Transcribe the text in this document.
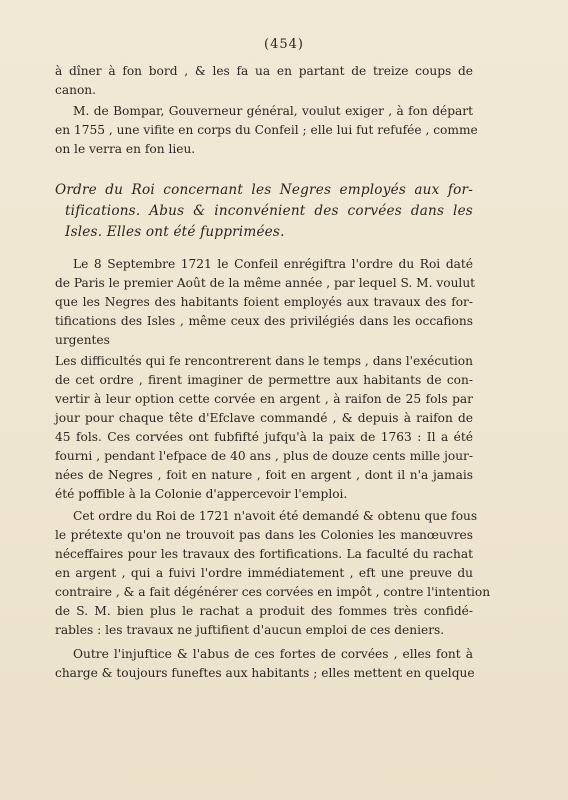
(454)
à dîner à fon bord , & les fa ua en partant de treize coups de
canon.
M. de Bompar, Gouverneur général, voulut exiger , à fon départ
en 1755 , une vifite en corps du Confeil ; elle lui fut refufée , comme
on le verra en fon lieu.
Ordre du Roi concernant les Negres employés aux for-
tifications. Abus & inconvénient des corvées dans les
Isles. Elles ont été fupprimées.
Le 8 Septembre 1721 le Confeil enrégiftra l'ordre du Roi daté
de Paris le premier Août de la même année , par lequel S. M. voulut
que les Negres des habitants foient employés aux travaux des for-
tifications des Isles , même ceux des privilégiés dans les occafions
urgentes
Les difficultés qui fe rencontrerent dans le temps , dans l'exécution
de cet ordre , firent imaginer de permettre aux habitants de con-
vertir à leur option cette corvée en argent , à raifon de 25 fols par
jour pour chaque tête d'Efclave commandé , & depuis à raifon de
45 fols. Ces corvées ont fubfifté jufqu'à la paix de 1763 : Il a été
fourni , pendant l'efpace de 40 ans , plus de douze cents mille jour-
nées de Negres , foit en nature , foit en argent , dont il n'a jamais
été poffible à la Colonie d'appercevoir l'emploi.
Cet ordre du Roi de 1721 n'avoit été demandé & obtenu que fous
le prétexte qu'on ne trouvoit pas dans les Colonies les manœuvres
néceffaires pour les travaux des fortifications. La faculté du rachat
en argent , qui a fuivi l'ordre immédiatement , eft une preuve du
contraire , & a fait dégénérer ces corvées en impôt , contre l'intention
de S. M. bien plus le rachat a produit des fommes très confidé-
rables : les travaux ne juftifient d'aucun emploi de ces deniers.
Outre l'injuftice & l'abus de ces fortes de corvées , elles font à
charge & toujours funeftes aux habitants ; elles mettent en quelque
